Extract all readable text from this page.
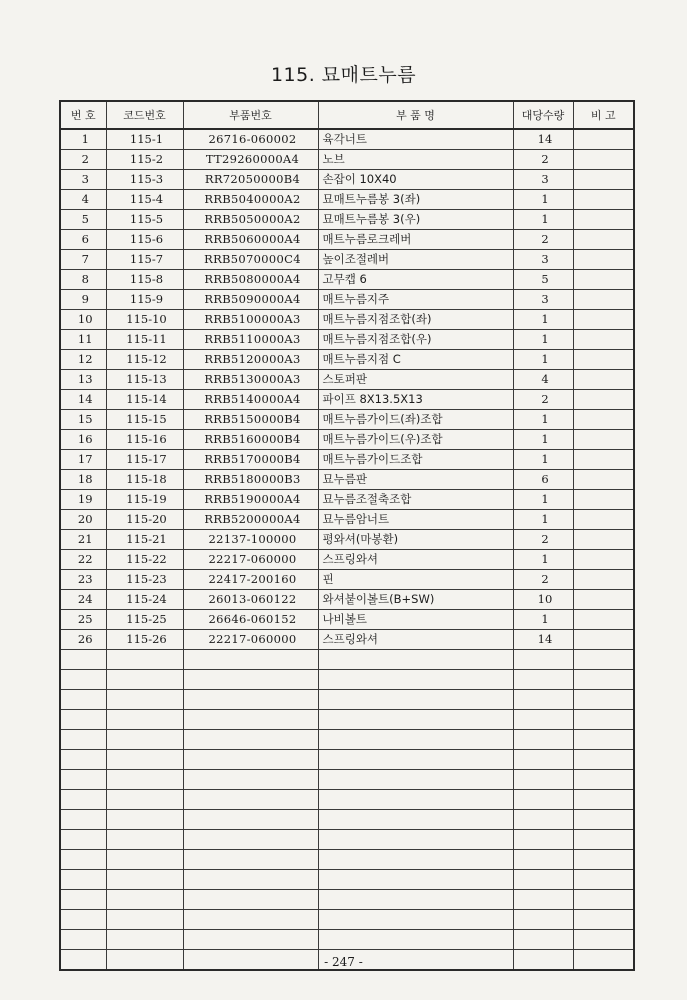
115. 묘매트누름
번 호	코드번호	부품번호	부 품 명	대당수량	비 고
1	115-1	26716-060002	육각너트	14	
2	115-2	TT29260000A4	노브	2	
3	115-3	RR72050000B4	손잡이 10X40	3	
4	115-4	RRB5040000A2	묘매트누름봉 3(좌)	1	
5	115-5	RRB5050000A2	묘매트누름봉 3(우)	1	
6	115-6	RRB5060000A4	매트누름로크레버	2	
7	115-7	RRB5070000C4	높이조절레버	3	
8	115-8	RRB5080000A4	고무캡 6	5	
9	115-9	RRB5090000A4	매트누름지주	3	
10	115-10	RRB5100000A3	매트누름지점조합(좌)	1	
11	115-11	RRB5110000A3	매트누름지점조합(우)	1	
12	115-12	RRB5120000A3	매트누름지점 C	1	
13	115-13	RRB5130000A3	스토퍼판	4	
14	115-14	RRB5140000A4	파이프 8X13.5X13	2	
15	115-15	RRB5150000B4	매트누름가이드(좌)조합	1	
16	115-16	RRB5160000B4	매트누름가이드(우)조합	1	
17	115-17	RRB5170000B4	매트누름가이드조합	1	
18	115-18	RRB5180000B3	묘누름판	6	
19	115-19	RRB5190000A4	묘누름조절축조합	1	
20	115-20	RRB5200000A4	묘누름암너트	1	
21	115-21	22137-100000	평와셔(마봉환)	2	
22	115-22	22217-060000	스프링와셔	1	
23	115-23	22417-200160	핀	2	
24	115-24	26013-060122	와셔붙이볼트(B+SW)	10	
25	115-25	26646-060152	나비볼트	1	
26	115-26	22217-060000	스프링와셔	14	

- 247 -
